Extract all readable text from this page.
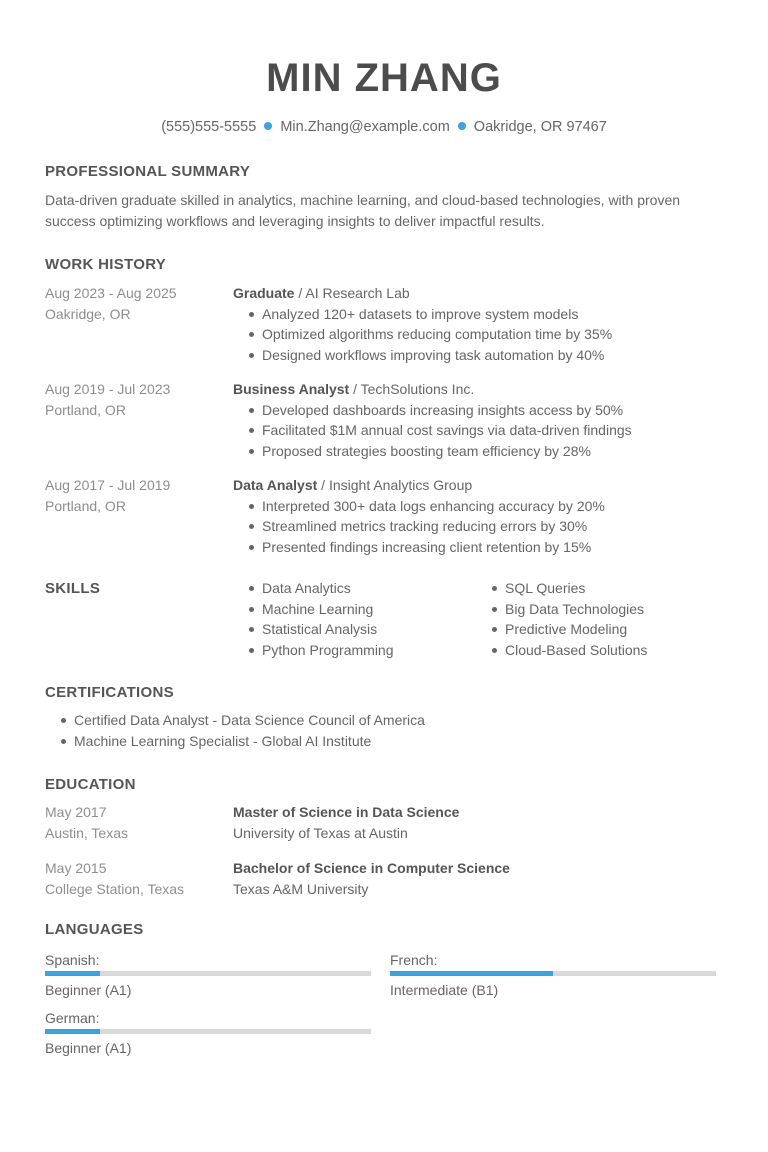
MIN ZHANG
(555)555-5555 Min.Zhang@example.com Oakridge, OR 97467
PROFESSIONAL SUMMARY
Data-driven graduate skilled in analytics, machine learning, and cloud-based technologies, with proven success optimizing workflows and leveraging insights to deliver impactful results.
WORK HISTORY
Aug 2023 - Aug 2025
Oakridge, OR
Graduate / AI Research Lab
Analyzed 120+ datasets to improve system models
Optimized algorithms reducing computation time by 35%
Designed workflows improving task automation by 40%
Aug 2019 - Jul 2023
Portland, OR
Business Analyst / TechSolutions Inc.
Developed dashboards increasing insights access by 50%
Facilitated $1M annual cost savings via data-driven findings
Proposed strategies boosting team efficiency by 28%
Aug 2017 - Jul 2019
Portland, OR
Data Analyst / Insight Analytics Group
Interpreted 300+ data logs enhancing accuracy by 20%
Streamlined metrics tracking reducing errors by 30%
Presented findings increasing client retention by 15%
SKILLS	Data Analytics
Machine Learning
Statistical Analysis
Python Programming
SQL Queries
Big Data Technologies
Predictive Modeling
Cloud-Based Solutions
CERTIFICATIONS
Certified Data Analyst - Data Science Council of America
Machine Learning Specialist - Global AI Institute
EDUCATION
May 2017
Austin, Texas
Master of Science in Data Science
University of Texas at Austin
May 2015
College Station, Texas
Bachelor of Science in Computer Science
Texas A&M University
LANGUAGES
Spanish:
Beginner (A1)
French:
Intermediate (B1)
German:
Beginner (A1)
